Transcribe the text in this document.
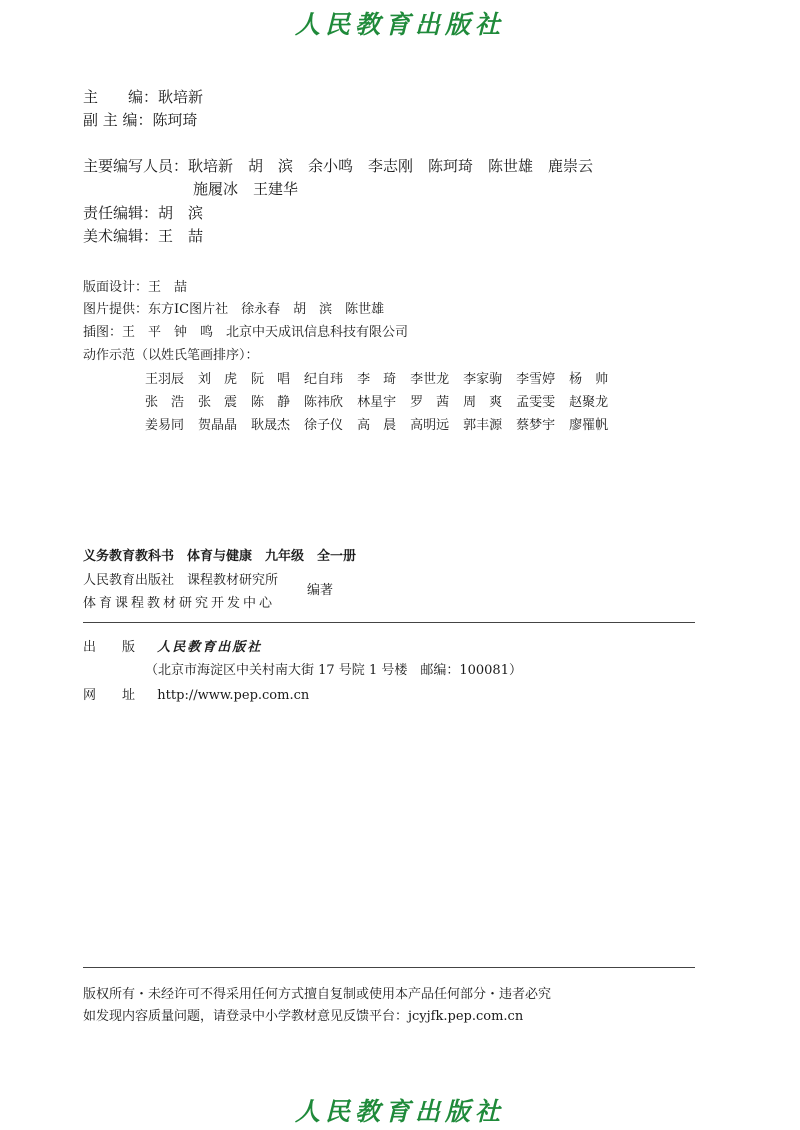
人民教育出版社
主　　编：耿培新
副 主 编：陈珂琦
主要编写人员：耿培新　胡　滨　余小鸣　李志刚　陈珂琦　陈世雄　鹿崇云
施履冰　王建华
责任编辑：胡　滨
美术编辑：王　喆
版面设计：王　喆
图片提供：东方IC图片社　徐永春　胡　滨　陈世雄
插图：王　平　钟　鸣　北京中天成讯信息科技有限公司
动作示范（以姓氏笔画排序）：
王羽辰 刘　虎 阮　唱 纪自玮 李　琦 李世龙 李家驹 李雪婷 杨　帅
张　浩 张　震 陈　静 陈祎欣 林星宇 罗　茜 周　爽 孟雯雯 赵聚龙
姜易同 贺晶晶 耿晟杰 徐子仪 高　晨 高明远 郭丰源 蔡梦宇 廖罹帆
义务教育教科书　体育与健康　九年级　全一册
人民教育出版社　课程教材研究所
体育课程教材研究开发中心
编著
出　　版 人民教育出版社
（北京市海淀区中关村南大街 17 号院 1 号楼　邮编：100081）
网　　址 http://www.pep.com.cn
版权所有・未经许可不得采用任何方式擅自复制或使用本产品任何部分・违者必究
如发现内容质量问题，请登录中小学教材意见反馈平台：jcyjfk.pep.com.cn
人民教育出版社
